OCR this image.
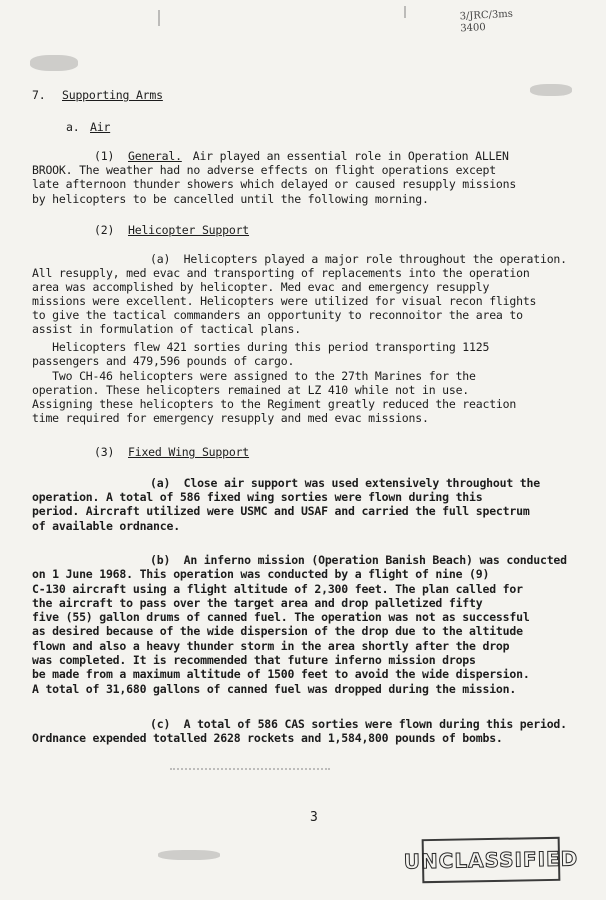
3/JRC/3ms
3400
7. Supporting Arms
a. Air
(1) General. Air played an essential role in Operation ALLEN
BROOK. The weather had no adverse effects on flight operations except
late afternoon thunder showers which delayed or caused resupply missions
by helicopters to be cancelled until the following morning.
(2) Helicopter Support
(a)  Helicopters played a major role throughout the operation.
All resupply, med evac and transporting of replacements into the operation
area was accomplished by helicopter. Med evac and emergency resupply
missions were excellent. Helicopters were utilized for visual recon flights
to give the tactical commanders an opportunity to reconnoitor the area to
assist in formulation of tactical plans.
Helicopters flew 421 sorties during this period transporting 1125
passengers and 479,596 pounds of cargo.
Two CH-46 helicopters were assigned to the 27th Marines for the
operation. These helicopters remained at LZ 410 while not in use.
Assigning these helicopters to the Regiment greatly reduced the reaction
time required for emergency resupply and med evac missions.
(3) Fixed Wing Support
(a)  Close air support was used extensively throughout the
operation. A total of 586 fixed wing sorties were flown during this
period. Aircraft utilized were USMC and USAF and carried the full spectrum
of available ordnance.
(b)  An inferno mission (Operation Banish Beach) was conducted
on 1 June 1968. This operation was conducted by a flight of nine (9)
C-130 aircraft using a flight altitude of 2,300 feet. The plan called for
the aircraft to pass over the target area and drop palletized fifty
five (55) gallon drums of canned fuel. The operation was not as successful
as desired because of the wide dispersion of the drop due to the altitude
flown and also a heavy thunder storm in the area shortly after the drop
was completed. It is recommended that future inferno mission drops
be made from a maximum altitude of 1500 feet to avoid the wide dispersion.
A total of 31,680 gallons of canned fuel was dropped during the mission.
(c)  A total of 586 CAS sorties were flown during this period.
Ordnance expended totalled 2628 rockets and 1,584,800 pounds of bombs.
3
UNCLASSIFIED
